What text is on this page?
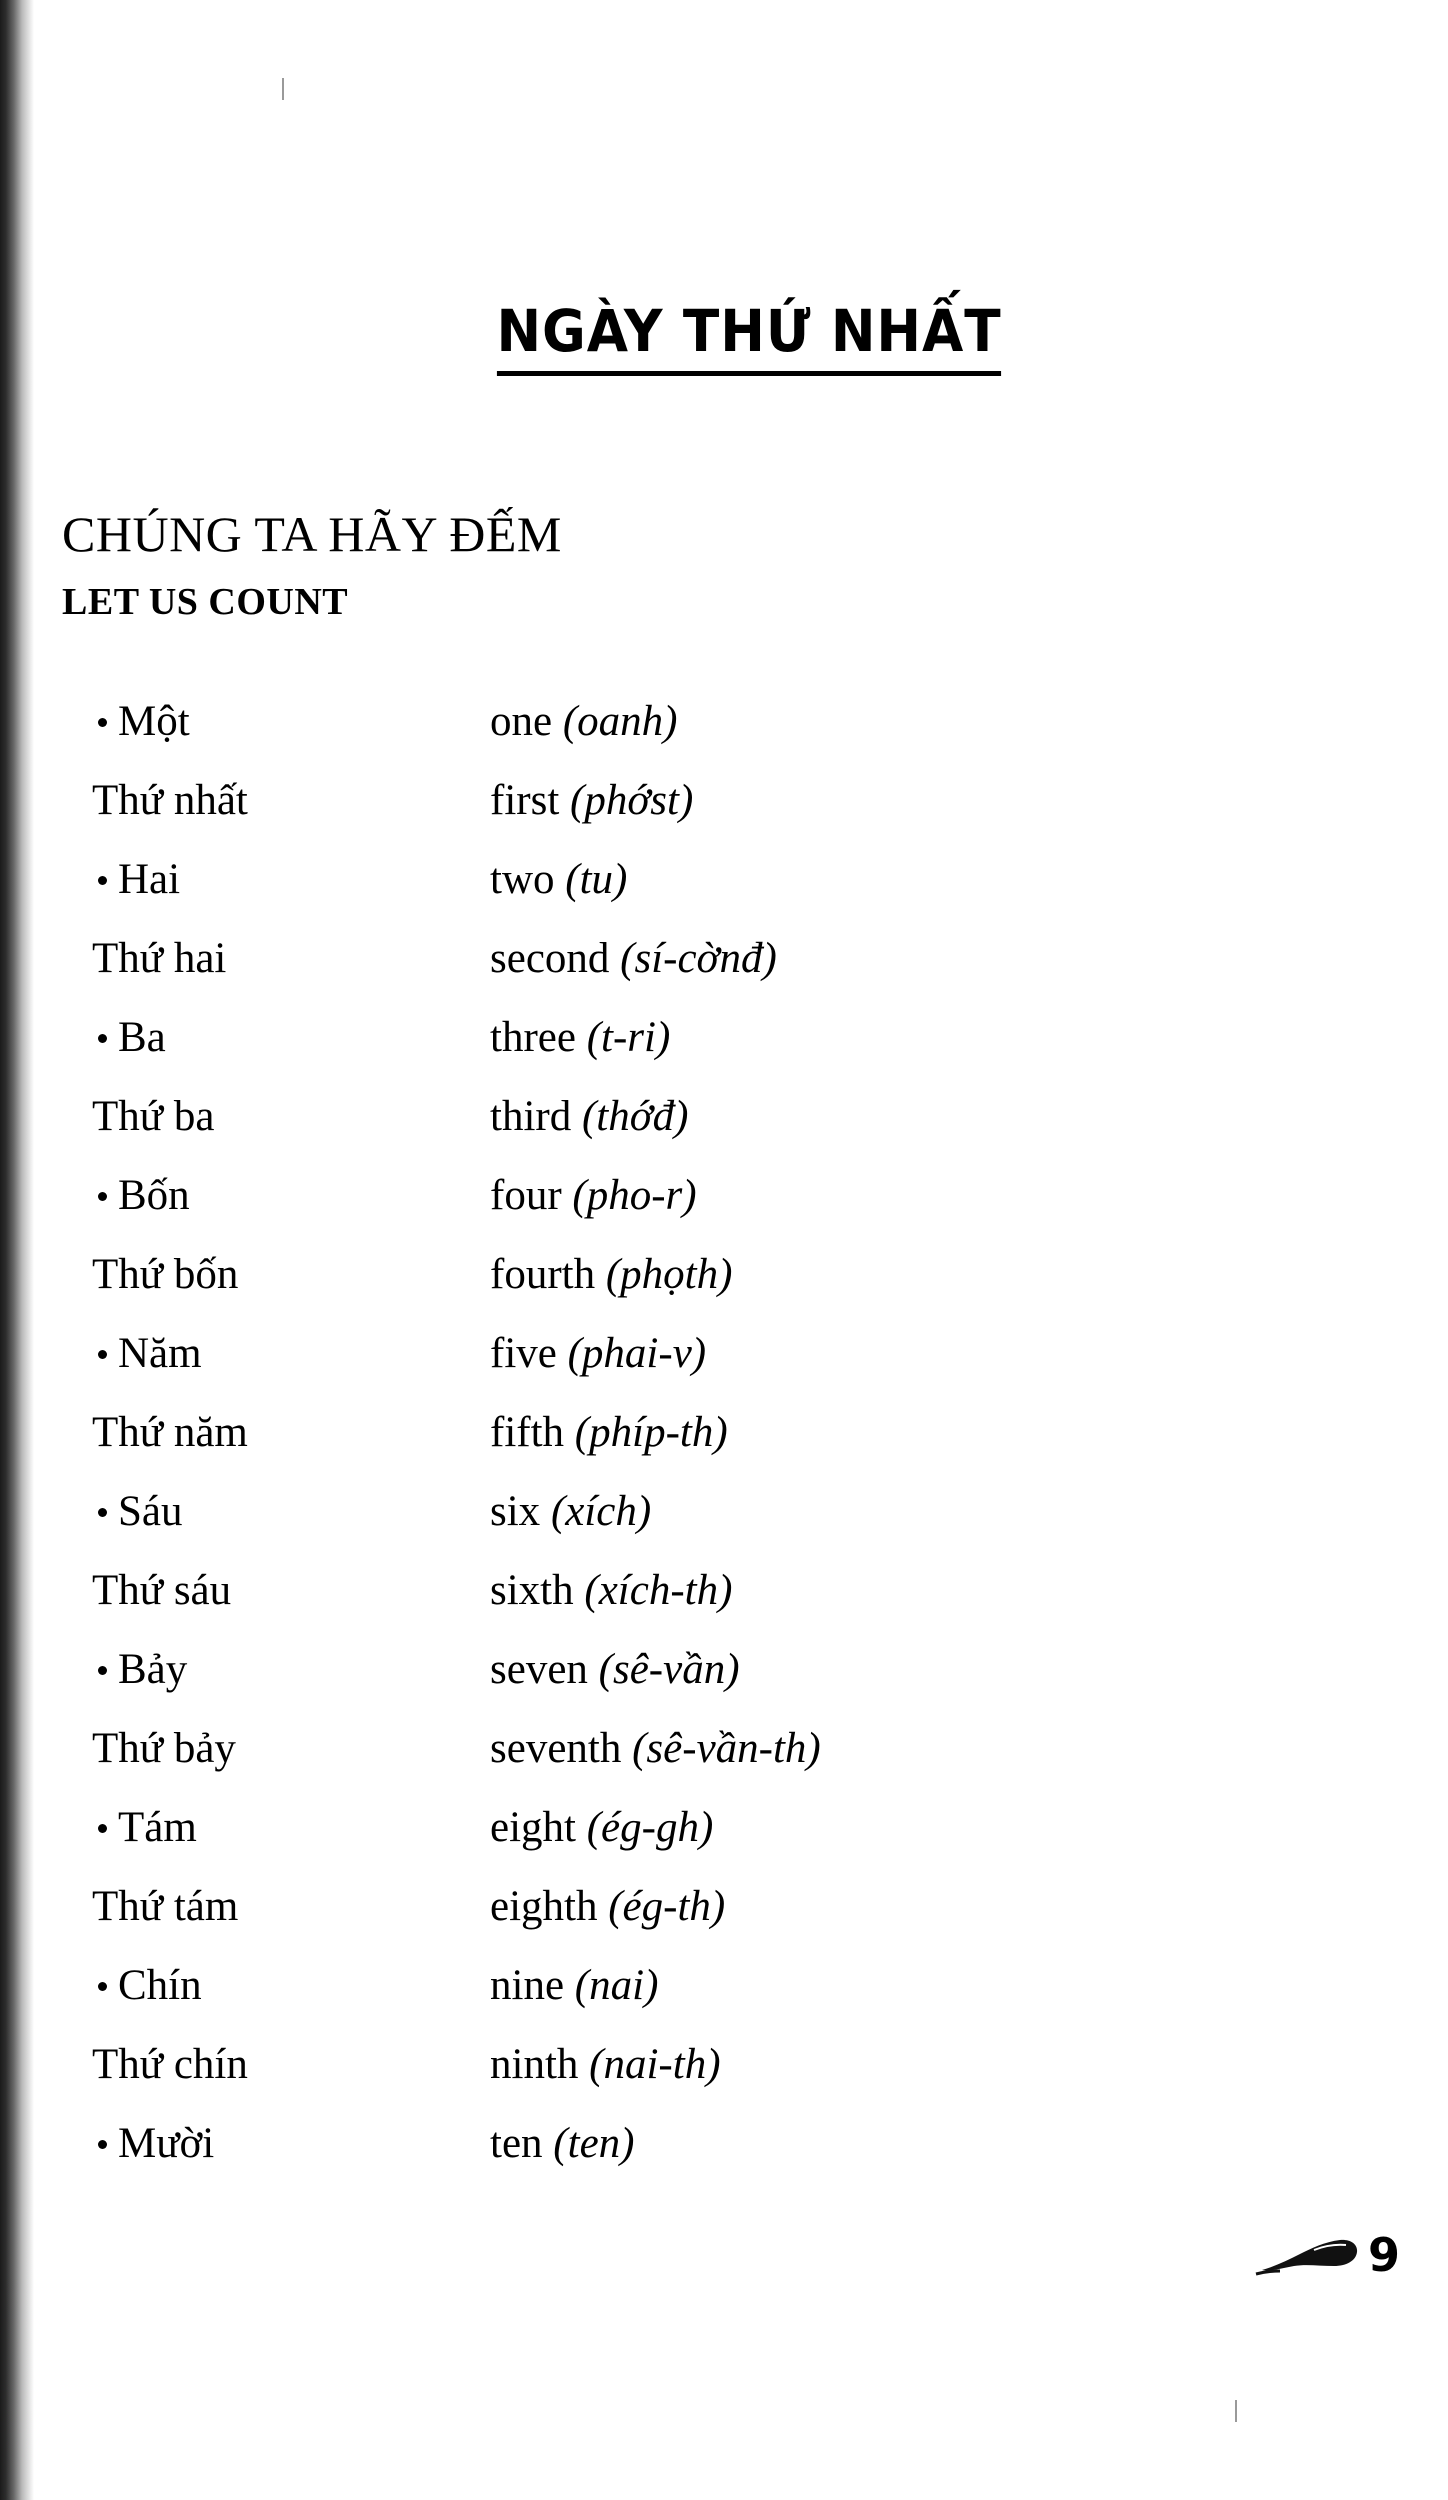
NGÀY THỨ NHẤT
CHÚNG TA HÃY ĐẾM
LET US COUNT
Một	one (oanh)
Thứ nhất	first (phớst)
Hai	two (tu)
Thứ hai	second (sí-cờnđ)
Ba	three (t-ri)
Thứ ba	third (thớđ)
Bốn	four (pho-r)
Thứ bốn	fourth (phọth)
Năm	five (phai-v)
Thứ năm	fifth (phíp-th)
Sáu	six (xích)
Thứ sáu	sixth (xích-th)
Bảy	seven (sê-vần)
Thứ bảy	seventh (sê-vần-th)
Tám	eight (ég-gh)
Thứ tám	eighth (ég-th)
Chín	nine (nai)
Thứ chín	ninth (nai-th)
Mười	ten (ten)
9
